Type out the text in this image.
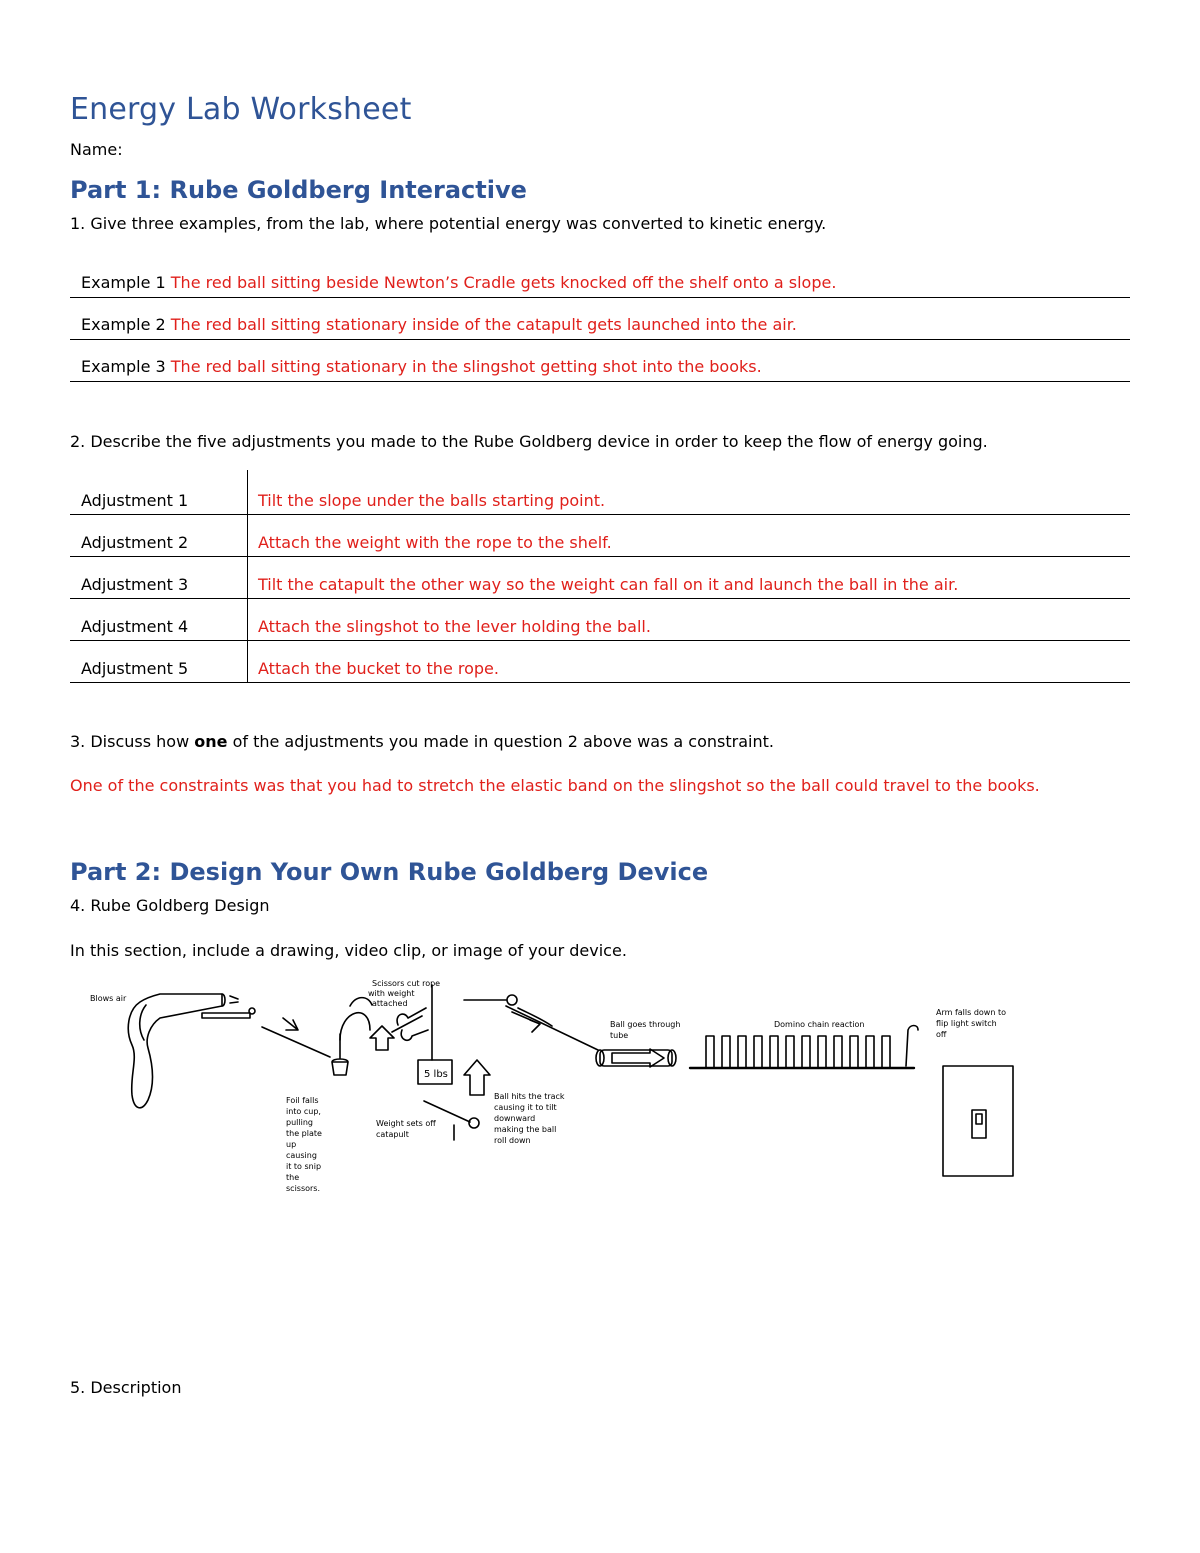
Energy Lab Worksheet
Name:
Part 1: Rube Goldberg Interactive
1. Give three examples, from the lab, where potential energy was converted to kinetic energy.
Example 1 The red ball sitting beside Newton’s Cradle gets knocked off the shelf onto a slope.
Example 2 The red ball sitting stationary inside of the catapult gets launched into the air.
Example 3 The red ball sitting stationary in the slingshot getting shot into the books.
2. Describe the five adjustments you made to the Rube Goldberg device in order to keep the flow of energy going.
Adjustment 1	Tilt the slope under the balls starting point.
Adjustment 2	Attach the weight with the rope to the shelf.
Adjustment 3	Tilt the catapult the other way so the weight can fall on it and launch the ball in the air.
Adjustment 4	Attach the slingshot to the lever holding the ball.
Adjustment 5	Attach the bucket to the rope.
3. Discuss how one of the adjustments you made in question 2 above was a constraint.
One of the constraints was that you had to stretch the elastic band on the slingshot so the ball could travel to the books.
Part 2: Design Your Own Rube Goldberg Device
4. Rube Goldberg Design
In this section, include a drawing, video clip, or image of your device.
Blows air
Scissors cut rope
with weight
attached
5 lbs
Foil falls
into cup,
pulling
the plate
up
causing
it to snip
the
scissors.
Weight sets off
catapult
Ball hits the track
causing it to tilt
downward
making the ball
roll down
Ball goes through
tube
Domino chain reaction
Arm falls down to
flip light switch
off
5. Description
